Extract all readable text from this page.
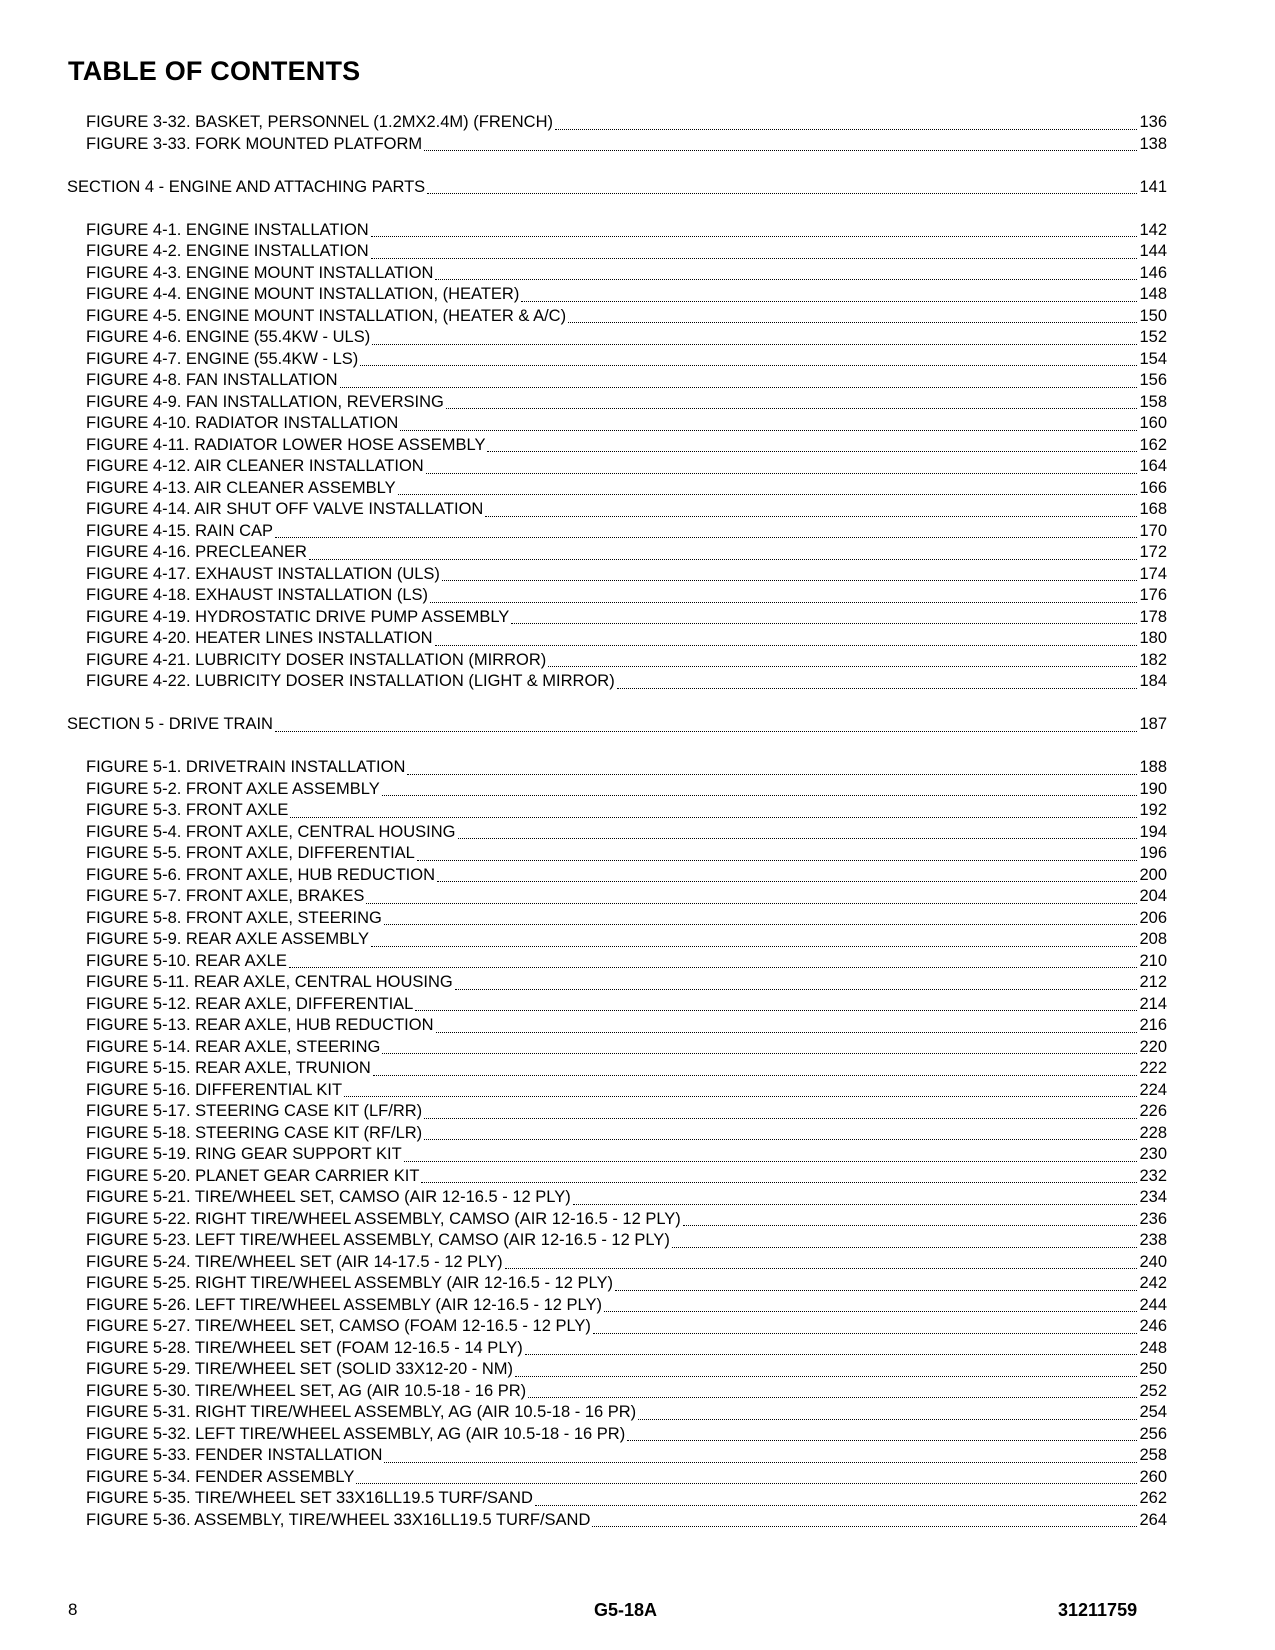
TABLE OF CONTENTS
FIGURE 3-32. BASKET, PERSONNEL (1.2MX2.4M) (FRENCH)	136
FIGURE 3-33. FORK MOUNTED PLATFORM	138
SECTION 4 - ENGINE AND ATTACHING PARTS	141
FIGURE 4-1. ENGINE INSTALLATION	142
FIGURE 4-2. ENGINE INSTALLATION	144
FIGURE 4-3. ENGINE MOUNT INSTALLATION	146
FIGURE 4-4. ENGINE MOUNT INSTALLATION, (HEATER)	148
FIGURE 4-5. ENGINE MOUNT INSTALLATION, (HEATER & A/C)	150
FIGURE 4-6. ENGINE (55.4KW - ULS)	152
FIGURE 4-7. ENGINE (55.4KW - LS)	154
FIGURE 4-8. FAN INSTALLATION	156
FIGURE 4-9. FAN INSTALLATION, REVERSING	158
FIGURE 4-10. RADIATOR INSTALLATION	160
FIGURE 4-11. RADIATOR LOWER HOSE ASSEMBLY	162
FIGURE 4-12. AIR CLEANER INSTALLATION	164
FIGURE 4-13. AIR CLEANER ASSEMBLY	166
FIGURE 4-14. AIR SHUT OFF VALVE INSTALLATION	168
FIGURE 4-15. RAIN CAP	170
FIGURE 4-16. PRECLEANER	172
FIGURE 4-17. EXHAUST INSTALLATION (ULS)	174
FIGURE 4-18. EXHAUST INSTALLATION (LS)	176
FIGURE 4-19. HYDROSTATIC DRIVE PUMP ASSEMBLY	178
FIGURE 4-20. HEATER LINES INSTALLATION	180
FIGURE 4-21. LUBRICITY DOSER INSTALLATION (MIRROR)	182
FIGURE 4-22. LUBRICITY DOSER INSTALLATION (LIGHT & MIRROR)	184
SECTION 5 - DRIVE TRAIN	187
FIGURE 5-1. DRIVETRAIN INSTALLATION	188
FIGURE 5-2. FRONT AXLE ASSEMBLY	190
FIGURE 5-3. FRONT AXLE	192
FIGURE 5-4. FRONT AXLE, CENTRAL HOUSING	194
FIGURE 5-5. FRONT AXLE, DIFFERENTIAL	196
FIGURE 5-6. FRONT AXLE, HUB REDUCTION	200
FIGURE 5-7. FRONT AXLE, BRAKES	204
FIGURE 5-8. FRONT AXLE, STEERING	206
FIGURE 5-9. REAR AXLE ASSEMBLY	208
FIGURE 5-10. REAR AXLE	210
FIGURE 5-11. REAR AXLE, CENTRAL HOUSING	212
FIGURE 5-12. REAR AXLE, DIFFERENTIAL	214
FIGURE 5-13. REAR AXLE, HUB REDUCTION	216
FIGURE 5-14. REAR AXLE, STEERING	220
FIGURE 5-15. REAR AXLE, TRUNION	222
FIGURE 5-16. DIFFERENTIAL KIT	224
FIGURE 5-17. STEERING CASE KIT (LF/RR)	226
FIGURE 5-18. STEERING CASE KIT (RF/LR)	228
FIGURE 5-19. RING GEAR SUPPORT KIT	230
FIGURE 5-20. PLANET GEAR CARRIER KIT	232
FIGURE 5-21. TIRE/WHEEL SET, CAMSO (AIR 12-16.5 - 12 PLY)	234
FIGURE 5-22. RIGHT TIRE/WHEEL ASSEMBLY, CAMSO (AIR 12-16.5 - 12 PLY)	236
FIGURE 5-23. LEFT TIRE/WHEEL ASSEMBLY, CAMSO (AIR 12-16.5 - 12 PLY)	238
FIGURE 5-24. TIRE/WHEEL SET (AIR 14-17.5 - 12 PLY)	240
FIGURE 5-25. RIGHT TIRE/WHEEL ASSEMBLY (AIR 12-16.5 - 12 PLY)	242
FIGURE 5-26. LEFT TIRE/WHEEL ASSEMBLY (AIR 12-16.5 - 12 PLY)	244
FIGURE 5-27. TIRE/WHEEL SET, CAMSO (FOAM 12-16.5 - 12 PLY)	246
FIGURE 5-28. TIRE/WHEEL SET (FOAM 12-16.5 - 14 PLY)	248
FIGURE 5-29. TIRE/WHEEL SET (SOLID 33X12-20 - NM)	250
FIGURE 5-30. TIRE/WHEEL SET, AG (AIR 10.5-18 - 16 PR)	252
FIGURE 5-31. RIGHT TIRE/WHEEL ASSEMBLY, AG (AIR 10.5-18 - 16 PR)	254
FIGURE 5-32. LEFT TIRE/WHEEL ASSEMBLY, AG (AIR 10.5-18 - 16 PR)	256
FIGURE 5-33. FENDER INSTALLATION	258
FIGURE 5-34. FENDER ASSEMBLY	260
FIGURE 5-35. TIRE/WHEEL SET 33X16LL19.5 TURF/SAND	262
FIGURE 5-36. ASSEMBLY, TIRE/WHEEL 33X16LL19.5 TURF/SAND	264
8	G5-18A	31211759
